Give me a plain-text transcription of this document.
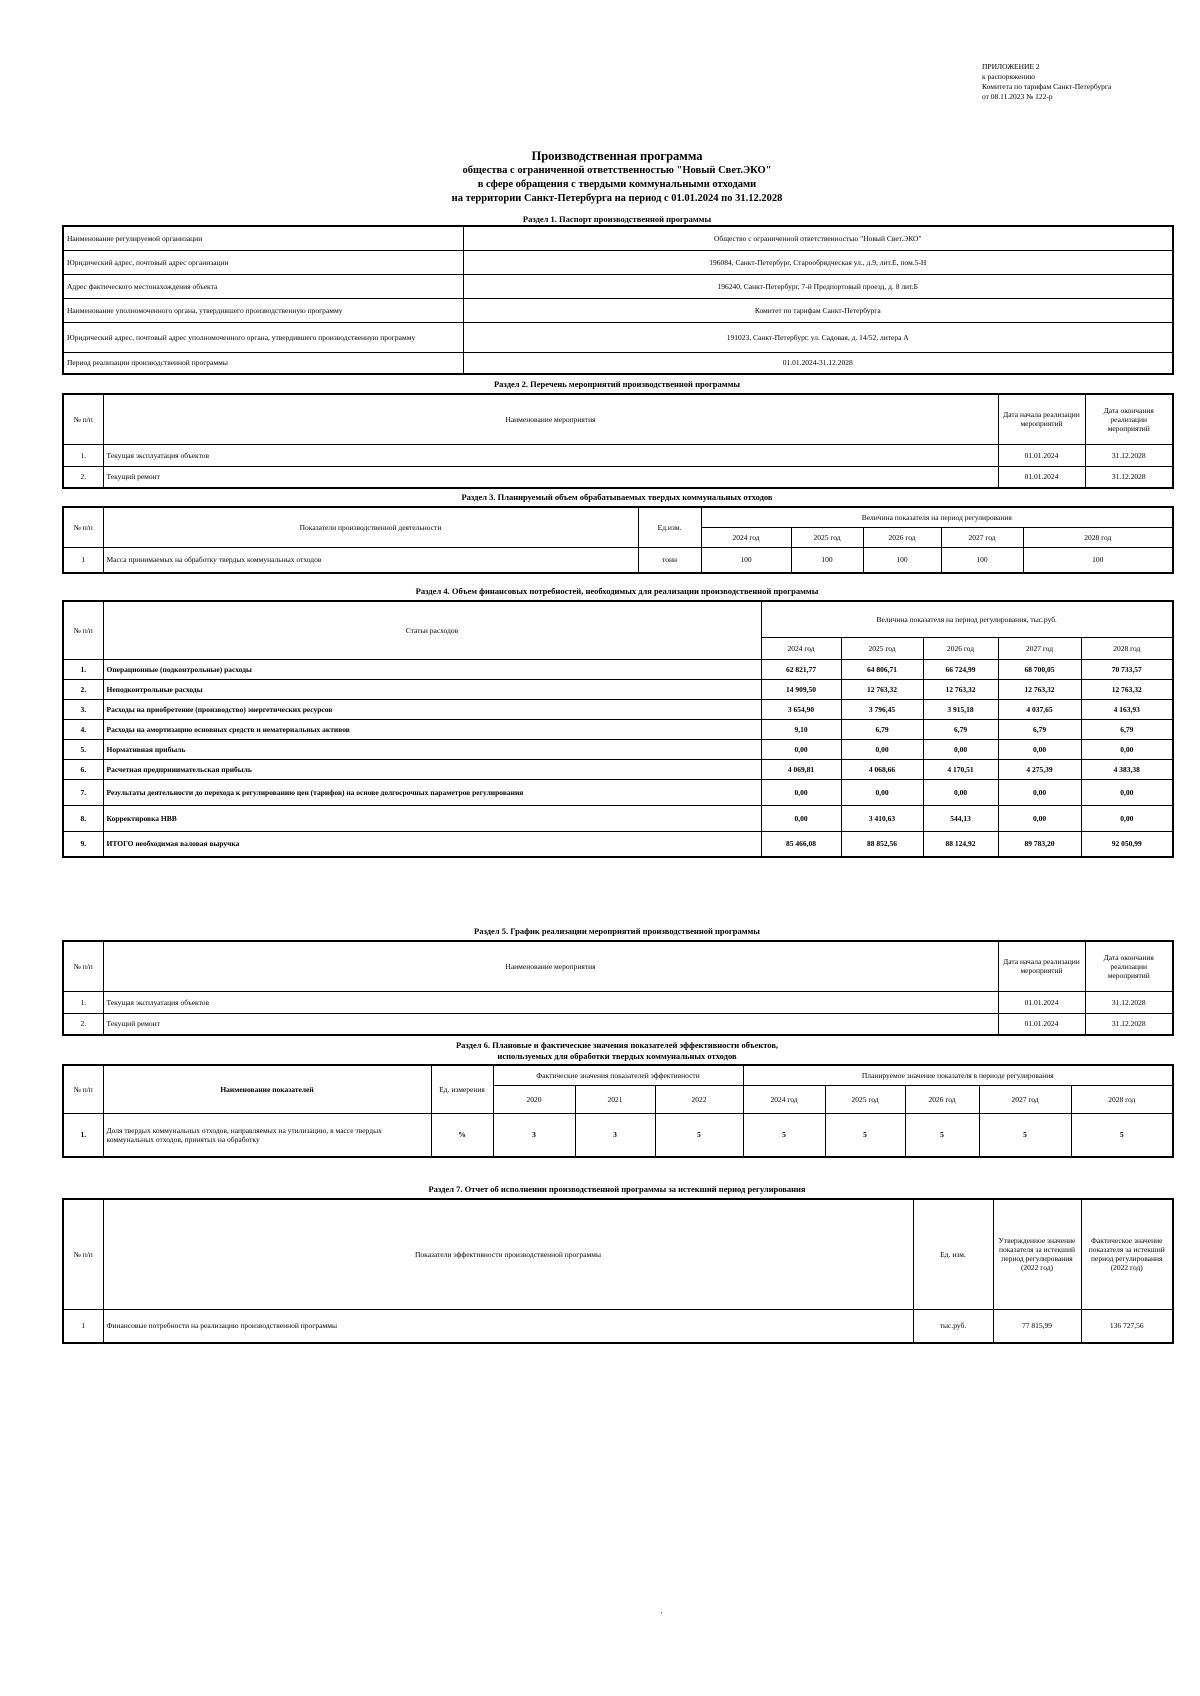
ПРИЛОЖЕНИЕ 2
к распоряжению
Комитета по тарифам Санкт-Петербурга
от 08.11.2023 № 122-р
Производственная программа
общества с ограниченной ответственностью "Новый Свет.ЭКО"
в сфере обращения с твердыми коммунальными отходами
на территории Санкт-Петербурга на период с 01.01.2024 по 31.12.2028
Раздел 1. Паспорт производственной программы
Наименование регулируемой организации	Общество с ограниченной ответственностью "Новый Свет.ЭКО"
Юридический адрес, почтовый адрес организации	196084, Санкт-Петербург, Старообрядческая ул., д.9, лит.Е, пом.5-Н
Адрес фактического местонахождения объекта	196240, Санкт-Петербург, 7-й Предпортовый проезд, д. 8 лит.Б
Наименование уполномоченного органа, утвердившего производственную программу	Комитет по тарифам Санкт-Петербурга
Юридический адрес, почтовый адрес уполномоченного органа, утвердившего производственную программу	191023, Санкт-Петербург, ул. Садовая, д. 14/52, литера А
Период реализации производственной программы	01.01.2024-31.12.2028
Раздел 2. Перечень мероприятий производственной программы
№ п/п	Наименование мероприятия	Дата начала реализации мероприятий	Дата окончания реализации мероприятий
1.	Текущая эксплуатация объектов	01.01.2024	31.12.2028
2.	Текущий ремонт	01.01.2024	31.12.2028
Раздел 3. Планируемый объем обрабатываемых твердых коммунальных отходов
№ п/п	Показатели производственной деятельности	Ед.изм.	Величина показателя на период регулирования				
			2024 год	2025 год	2026 год	2027 год	2028 год
1	Масса принимаемых на обработку твердых коммунальных отходов	тонн	100	100	100	100	100
Раздел 4. Объем финансовых потребностей, необходимых для реализации производственной программы
№ п/п	Статьи расходов	Величина показателя на период регулирования, тыс.руб.				
		2024 год	2025 год	2026 год	2027 год	2028 год
1.	Операционные (подконтрольные) расходы	62 821,77	64 806,71	66 724,99	68 700,05	70 733,57
2.	Неподконтрольные расходы	14 909,50	12 763,32	12 763,32	12 763,32	12 763,32
3.	Расходы на приобретение (производство) энергетических ресурсов	3 654,90	3 796,45	3 915,18	4 037,65	4 163,93
4.	Расходы на амортизацию основных средств и нематериальных активов	9,10	6,79	6,79	6,79	6,79
5.	Нормативная прибыль	0,00	0,00	0,00	0,00	0,00
6.	Расчетная предпринимательская прибыль	4 069,81	4 068,66	4 170,51	4 275,39	4 383,38
7.	Результаты деятельности до перехода к регулированию цен (тарифов) на основе долгосрочных параметров регулирования	0,00	0,00	0,00	0,00	0,00
8.	Корректировка НВВ	0,00	3 410,63	544,13	0,00	0,00
9.	ИТОГО необходимая валовая выручка	85 466,08	88 852,56	88 124,92	89 783,20	92 050,99
Раздел 5. График реализации мероприятий производственной программы
№ п/п	Наименование мероприятия	Дата начала реализации мероприятий	Дата окончания реализации мероприятий
1.	Текущая эксплуатация объектов	01.01.2024	31.12.2028
2.	Текущий ремонт	01.01.2024	31.12.2028
Раздел 6. Плановые и фактические значения показателей эффективности объектов,
используемых для обработки твердых коммунальных отходов
№ п/п	Наименование показателей	Ед. измерения	Фактические значения показателей эффективности			Планируемое значение показателя в периоде регулирования				
			2020	2021	2022	2024 год	2025 год	2026 год	2027 год	2028 год
1.	Доля твердых коммунальных отходов, направляемых на утилизацию, в массе твердых коммунальных отходов, принятых на обработку	%	3	3	5	5	5	5	5	5
Раздел 7. Отчет об исполнении производственной программы за истекший период регулирования
№ п/п	Показатели эффективности производственной программы	Ед. изм.	Утвержденное значение показателя за истекший период регулирования (2022 год)	Фактическое значение показателя за истекший период регулирования (2022 год)
1	Финансовые потребности на реализацию производственной программы	тыс.руб.	77 815,99	136 727,56
·
